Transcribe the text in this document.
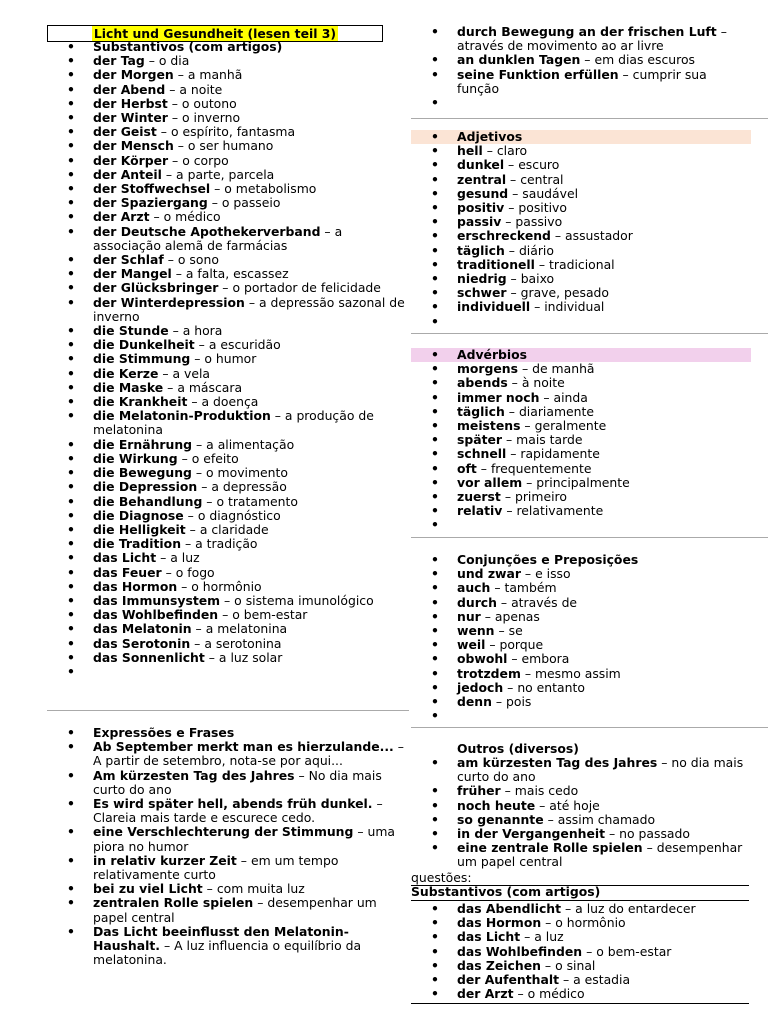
Licht und Gesundheit (lesen teil 3)
• Substantivos (com artigos)
• der Tag – o dia
• der Morgen – a manhã
• der Abend – a noite
• der Herbst – o outono
• der Winter – o inverno
• der Geist – o espírito, fantasma
• der Mensch – o ser humano
• der Körper – o corpo
• der Anteil – a parte, parcela
• der Stoffwechsel – o metabolismo
• der Spaziergang – o passeio
• der Arzt – o médico
• der Deutsche Apothekerverband – a associação alemã de farmácias
• der Schlaf – o sono
• der Mangel – a falta, escassez
• der Glücksbringer – o portador de felicidade
• der Winterdepression – a depressão sazonal de inverno
• die Stunde – a hora
• die Dunkelheit – a escuridão
• die Stimmung – o humor
• die Kerze – a vela
• die Maske – a máscara
• die Krankheit – a doença
• die Melatonin-Produktion – a produção de melatonina
• die Ernährung – a alimentação
• die Wirkung – o efeito
• die Bewegung – o movimento
• die Depression – a depressão
• die Behandlung – o tratamento
• die Diagnose – o diagnóstico
• die Helligkeit – a claridade
• die Tradition – a tradição
• das Licht – a luz
• das Feuer – o fogo
• das Hormon – o hormônio
• das Immunsystem – o sistema imunológico
• das Wohlbefinden – o bem-estar
• das Melatonin – a melatonina
• das Serotonin – a serotonina
• das Sonnenlicht – a luz solar
• Expressões e Frases
• Ab September merkt man es hierzulande... – A partir de setembro, nota-se por aqui...
• Am kürzesten Tag des Jahres – No dia mais curto do ano
• Es wird später hell, abends früh dunkel. – Clareia mais tarde e escurece cedo.
• eine Verschlechterung der Stimmung – uma piora no humor
• in relativ kurzer Zeit – em um tempo relativamente curto
• bei zu viel Licht – com muita luz
• zentralen Rolle spielen – desempenhar um papel central
• Das Licht beeinflusst den Melatonin-Haushalt. – A luz influencia o equilíbrio da melatonina.
• durch Bewegung an der frischen Luft – através de movimento ao ar livre
• an dunklen Tagen – em dias escuros
• seine Funktion erfüllen – cumprir sua função
• Adjetivos
• hell – claro
• dunkel – escuro
• zentral – central
• gesund – saudável
• positiv – positivo
• passiv – passivo
• erschreckend – assustador
• täglich – diário
• traditionell – tradicional
• niedrig – baixo
• schwer – grave, pesado
• individuell – individual
• Advérbios
• morgens – de manhã
• abends – à noite
• immer noch – ainda
• täglich – diariamente
• meistens – geralmente
• später – mais tarde
• schnell – rapidamente
• oft – frequentemente
• vor allem – principalmente
• zuerst – primeiro
• relativ – relativamente
• Conjunções e Preposições
• und zwar – e isso
• auch – também
• durch – através de
• nur – apenas
• wenn – se
• weil – porque
• obwohl – embora
• trotzdem – mesmo assim
• jedoch – no entanto
• denn – pois
Outros (diversos)
• am kürzesten Tag des Jahres – no dia mais curto do ano
• früher – mais cedo
• noch heute – até hoje
• so genannte – assim chamado
• in der Vergangenheit – no passado
• eine zentrale Rolle spielen – desempenhar um papel central
questões:
Substantivos (com artigos)
• das Abendlicht – a luz do entardecer
• das Hormon – o hormônio
• das Licht – a luz
• das Wohlbefinden – o bem-estar
• das Zeichen – o sinal
• der Aufenthalt – a estadia
• der Arzt – o médico
